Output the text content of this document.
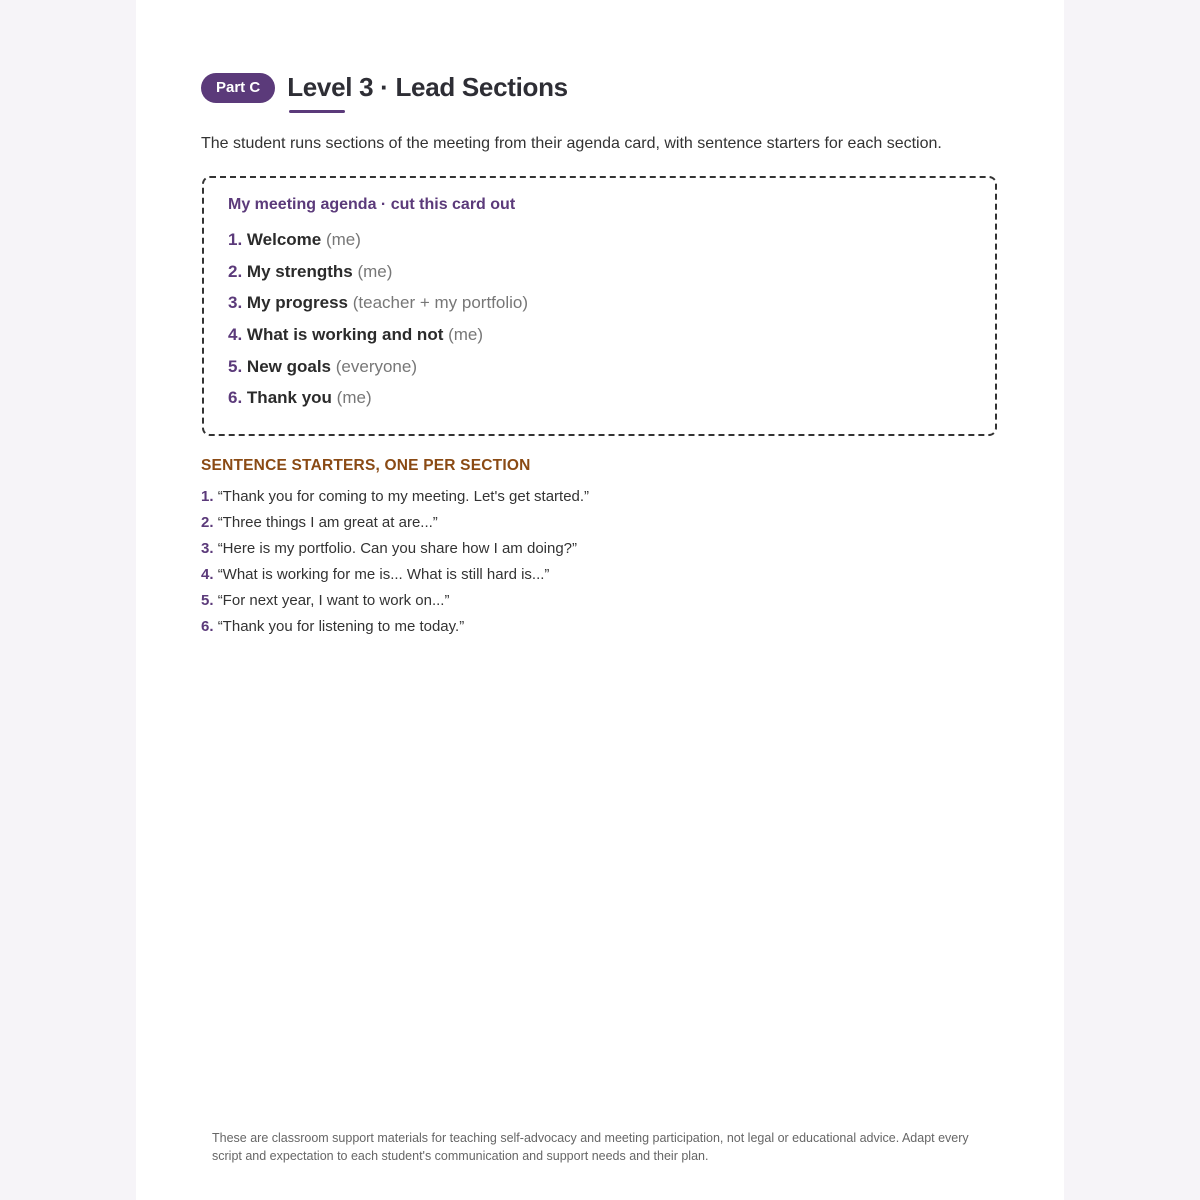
Part C	Level 3 · Lead Sections

The student runs sections of the meeting from their agenda card, with sentence starters for each section.

My meeting agenda · cut this card out
1. Welcome (me)
2. My strengths (me)
3. My progress (teacher + my portfolio)
4. What is working and not (me)
5. New goals (everyone)
6. Thank you (me)
SENTENCE STARTERS, ONE PER SECTION
1. “Thank you for coming to my meeting. Let's get started.”
2. “Three things I am great at are...”
3. “Here is my portfolio. Can you share how I am doing?”
4. “What is working for me is... What is still hard is...”
5. “For next year, I want to work on...”
6. “Thank you for listening to me today.”

These are classroom support materials for teaching self-advocacy and meeting participation, not legal or educational advice. Adapt every script and expectation to each student's communication and support needs and their plan.
